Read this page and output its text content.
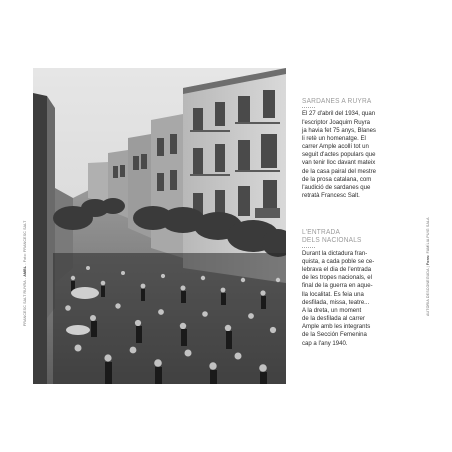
FRANCESC SALT RUYRA - AMBL - Foto: FRANCESC SALT
AUTORIA DESCONEGUDA | Fons: FAMÍLIA PUIG SALA
SARDANES A RUYRA

El 27 d'abril del 1934, quan
l'escriptor Joaquim Ruyra
ja havia fet 75 anys, Blanes
li retè un homenatge. El
carrer Ample acollí tot un
seguit d'actes populars que
van tenir lloc davant mateix
de la casa pairal del mestre
de la prosa catalana, com
l'audició de sardanes que
retratà Francesc Salt.

L'ENTRADA
DELS NACIONALS

Durant la dictadura fran-
quista, a cada poble se ce-
lebrava el dia de l'entrada
de les tropes nacionals, el
final de la guerra en aque-
lla localitat. Es feia una
desfilada, missa, teatre...
A la dreta, un moment
de la desfilada al carrer
Ample amb les integrants
de la Sección Femenina
cap a l'any 1940.
